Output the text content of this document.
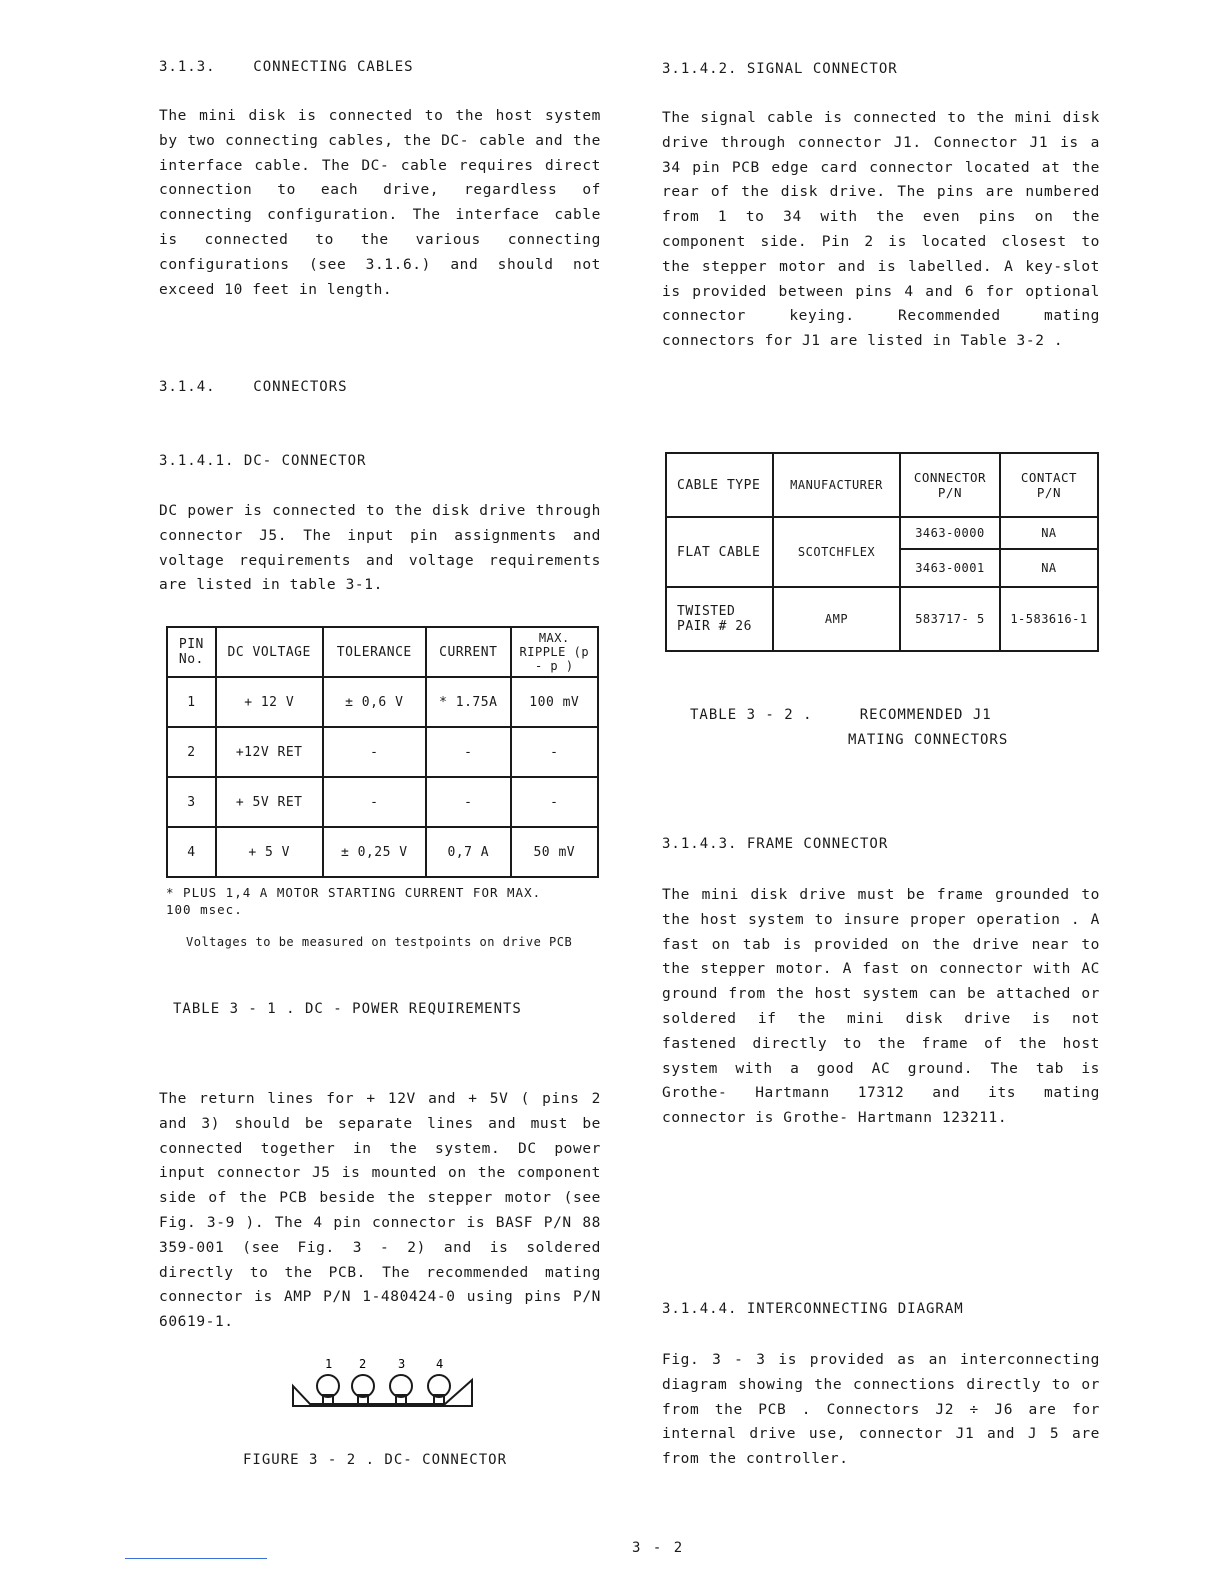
3.1.3.    CONNECTING CABLES

The mini disk is connected to the host system by two connecting cables, the DC- cable and the interface cable. The DC- cable requires direct connection to each drive, regardless of connecting configuration. The interface cable is connected to the various connecting configurations (see 3.1.6.) and should not exceed 10 feet in length.

3.1.4.    CONNECTORS
3.1.4.1. DC- CONNECTOR

DC power is connected to the disk drive through connector J5. The input pin assignments and voltage requirements and voltage requirements are listed in table 3-1.

PIN No.	DC VOLTAGE	TOLERANCE	CURRENT	MAX. RIPPLE (p - p )
1	+ 12 V	± 0,6 V	* 1.75A	100 mV
2	+12V RET	-	-	-
3	+ 5V RET	-	-	-
4	+ 5 V	± 0,25 V	0,7 A	50 mV
* PLUS 1,4 A MOTOR STARTING CURRENT FOR MAX. 100 msec.
Voltages to be measured on testpoints on drive PCB
TABLE 3 - 1 . DC - POWER REQUIREMENTS

The return lines for + 12V and + 5V ( pins 2 and 3) should be separate lines and must be connected together in the system. DC power input connector J5 is mounted on the component side of the PCB beside the stepper motor (see Fig. 3-9 ). The 4 pin connector is BASF P/N 88 359-001 (see Fig. 3 - 2) and is soldered directly to the PCB. The recommended mating connector is AMP P/N 1-480424-0 using pins P/N 60619-1.

1 2	3	4
FIGURE 3 - 2 . DC- CONNECTOR
3.1.4.2. SIGNAL CONNECTOR

The signal cable is connected to the mini disk drive through connector J1. Connector J1 is a 34 pin PCB edge card connector located at the rear of the disk drive. The pins are numbered from 1 to 34 with the even pins on the component side. Pin 2 is located closest to the stepper motor and is labelled. A key-slot is provided between pins 4 and 6 for optional connector keying. Recommended mating connectors for J1 are listed in Table 3-2 .

CABLE TYPE	MANUFACTURER	CONNECTOR P/N	CONTACT P/N
FLAT CABLE	SCOTCHFLEX	3463-0000	NA
		3463-0001	NA
TWISTED PAIR # 26	AMP	583717- 5	1-583616-1
TABLE 3 - 2 .     RECOMMENDED J1
MATING CONNECTORS
3.1.4.3. FRAME CONNECTOR

The mini disk drive must be frame grounded to the host system to insure proper operation . A fast on tab is provided on the drive near to the stepper motor. A fast on connector with AC ground from the host system can be attached or soldered if the mini disk drive is not fastened directly to the frame of the host system with a good AC ground. The tab is Grothe- Hartmann 17312 and its mating connector is Grothe- Hartmann 123211.

3.1.4.4. INTERCONNECTING DIAGRAM

Fig. 3 - 3 is provided as an interconnecting diagram showing the connections directly to or from the PCB . Connectors J2 ÷ J6 are for internal drive use, connector J1 and J 5 are from the controller.

3 - 2
